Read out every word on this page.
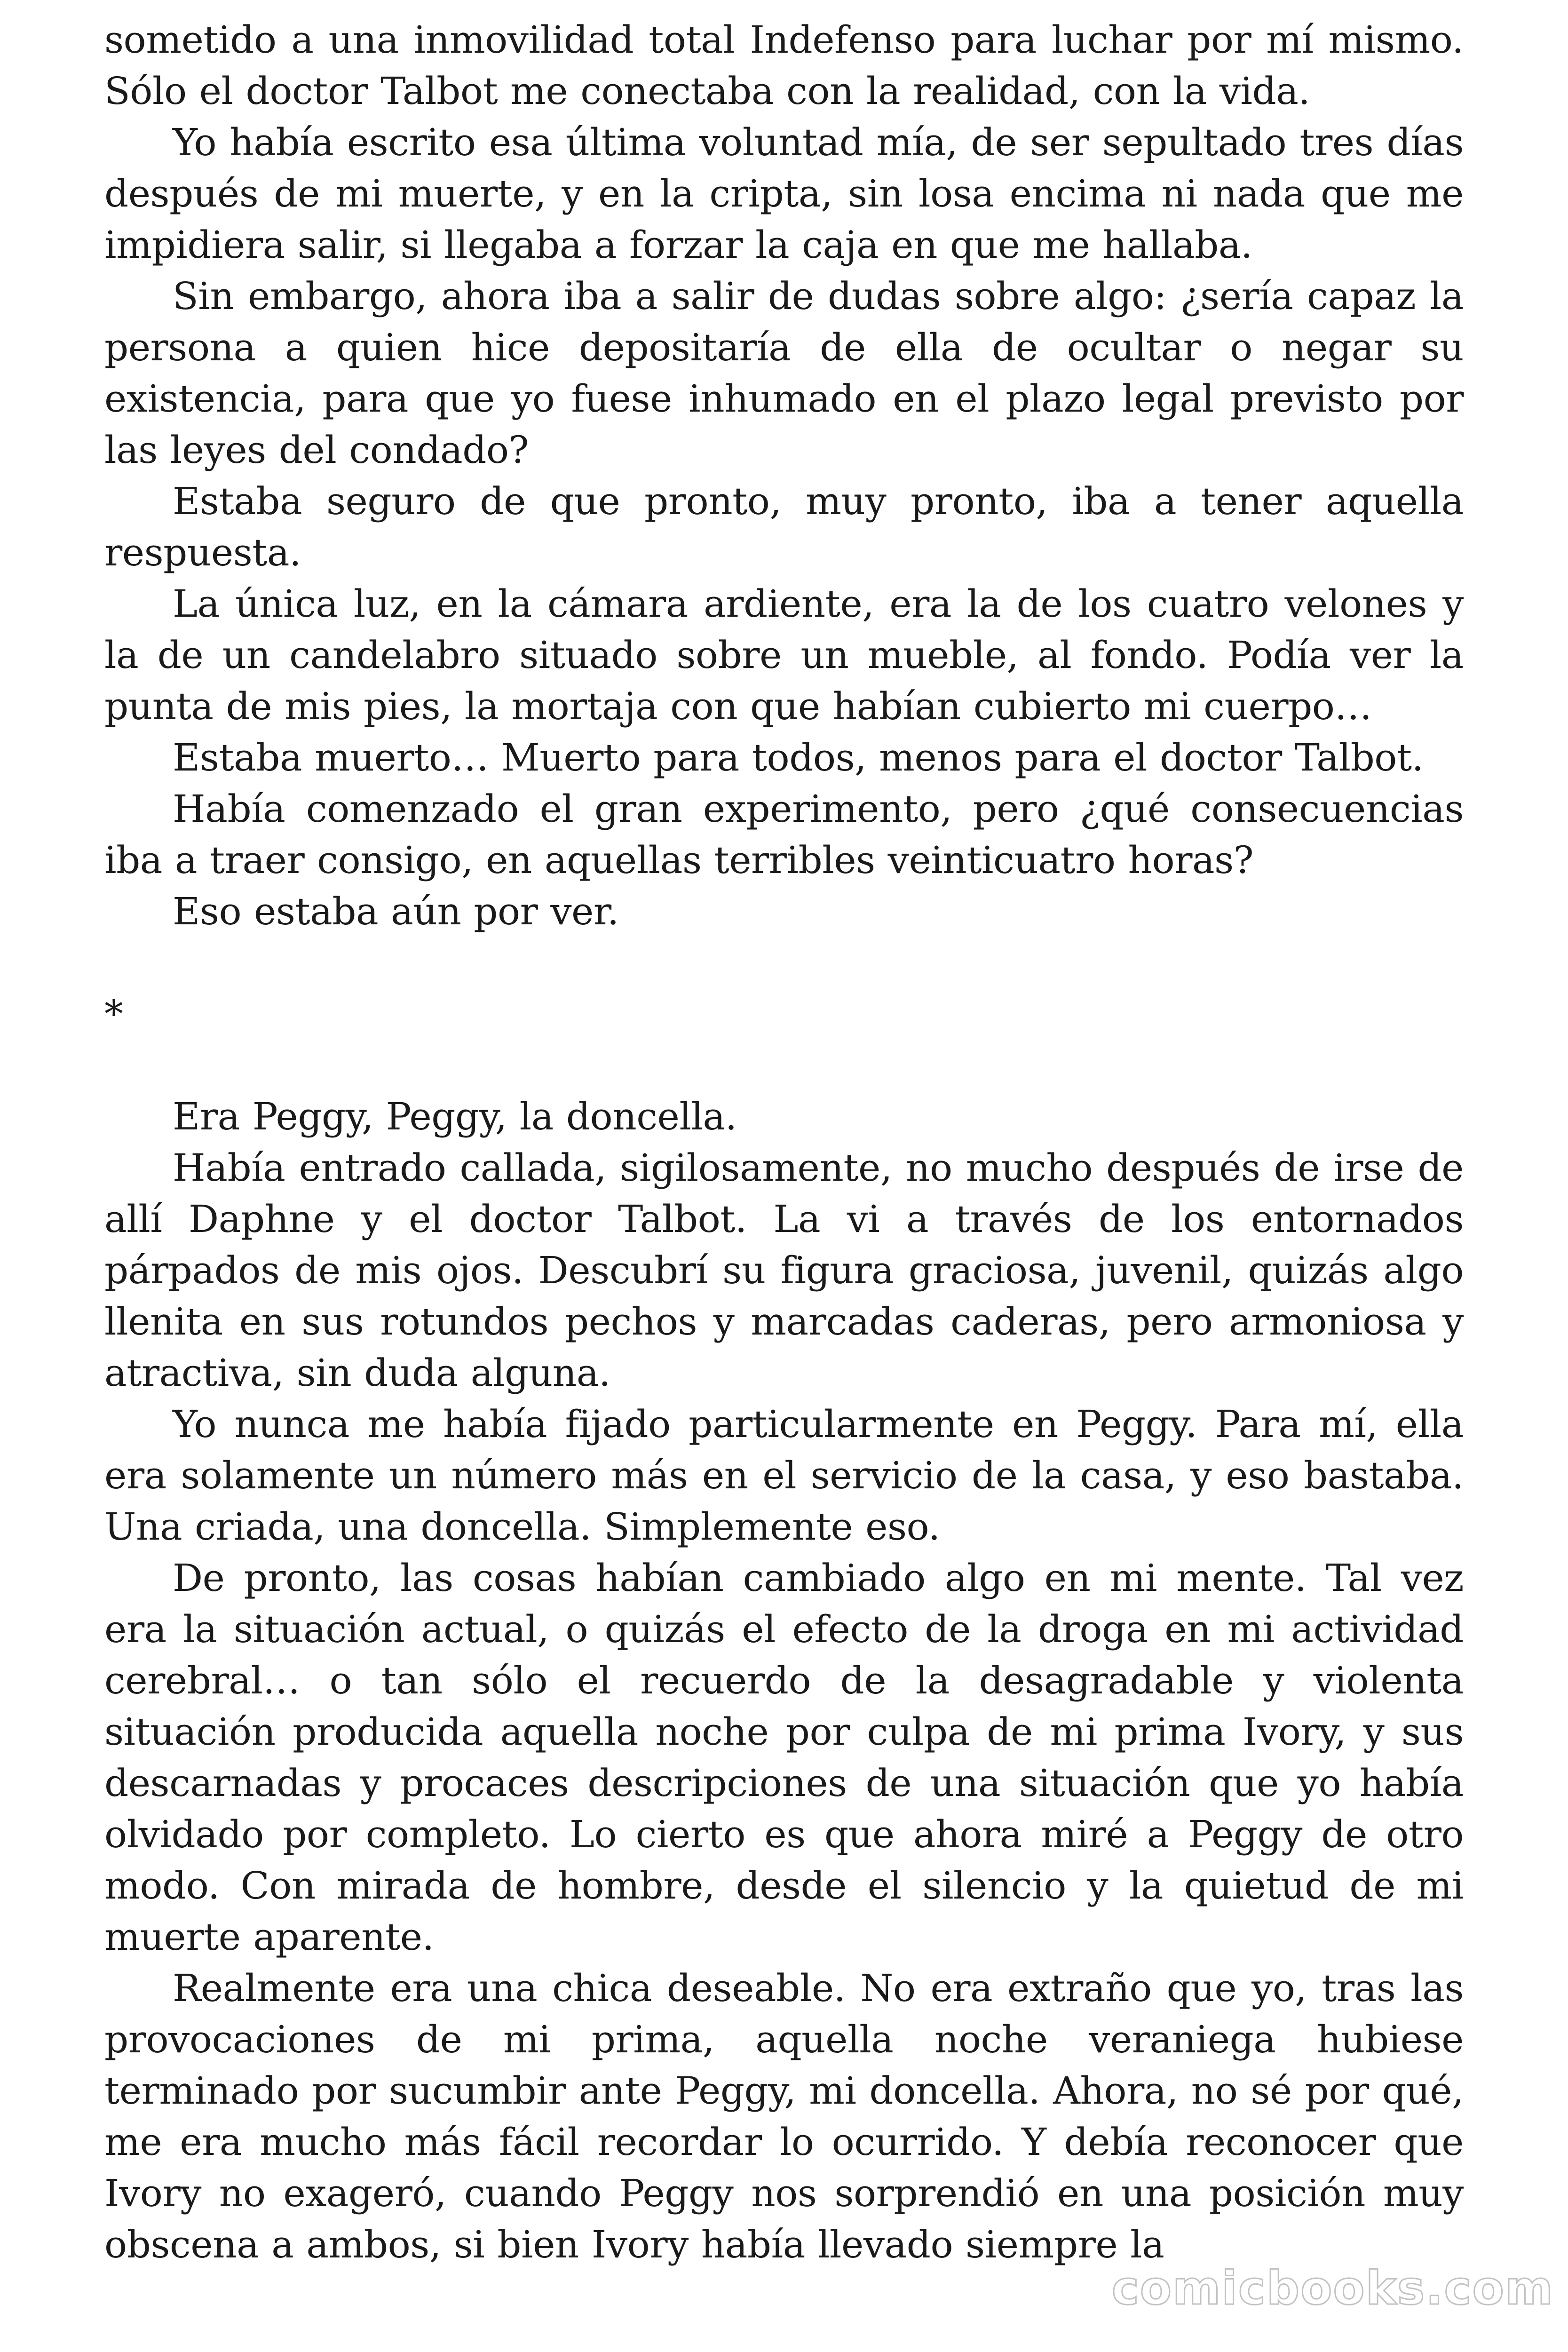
sometido a una inmovilidad total Indefenso para luchar por mí mismo. Sólo el doctor Talbot me conectaba con la realidad, con la vida.

Yo había escrito esa última voluntad mía, de ser sepultado tres días después de mi muerte, y en la cripta, sin losa encima ni nada que me impidiera salir, si llegaba a forzar la caja en que me hallaba.

Sin embargo, ahora iba a salir de dudas sobre algo: ¿sería capaz la persona a quien hice depositaría de ella de ocultar o negar su existencia, para que yo fuese inhumado en el plazo legal previsto por las leyes del condado?

Estaba seguro de que pronto, muy pronto, iba a tener aquella respuesta.

La única luz, en la cámara ardiente, era la de los cuatro velones y la de un candelabro situado sobre un mueble, al fondo. Podía ver la punta de mis pies, la mortaja con que habían cubierto mi cuerpo…

Estaba muerto… Muerto para todos, menos para el doctor Talbot.

Había comenzado el gran experimento, pero ¿qué consecuencias iba a traer consigo, en aquellas terribles veinticuatro horas?

Eso estaba aún por ver.

*

Era Peggy, Peggy, la doncella.

Había entrado callada, sigilosamente, no mucho después de irse de allí Daphne y el doctor Talbot. La vi a través de los entornados párpados de mis ojos. Descubrí su figura graciosa, juvenil, quizás algo llenita en sus rotundos pechos y marcadas caderas, pero armoniosa y atractiva, sin duda alguna.

Yo nunca me había fijado particularmente en Peggy. Para mí, ella era solamente un número más en el servicio de la casa, y eso bastaba. Una criada, una doncella. Simplemente eso.

De pronto, las cosas habían cambiado algo en mi mente. Tal vez era la situación actual, o quizás el efecto de la droga en mi actividad cerebral… o tan sólo el recuerdo de la desagradable y violenta situación producida aquella noche por culpa de mi prima Ivory, y sus descarnadas y procaces descripciones de una situación que yo había olvidado por completo. Lo cierto es que ahora miré a Peggy de otro modo. Con mirada de hombre, desde el silencio y la quietud de mi muerte aparente.

Realmente era una chica deseable. No era extraño que yo, tras las provocaciones de mi prima, aquella noche veraniega hubiese terminado por sucumbir ante Peggy, mi doncella. Ahora, no sé por qué, me era mucho más fácil recordar lo ocurrido. Y debía reconocer que Ivory no exageró, cuando Peggy nos sorprendió en una posición muy obscena a ambos, si bien Ivory había llevado siempre la

comicbooks.com
